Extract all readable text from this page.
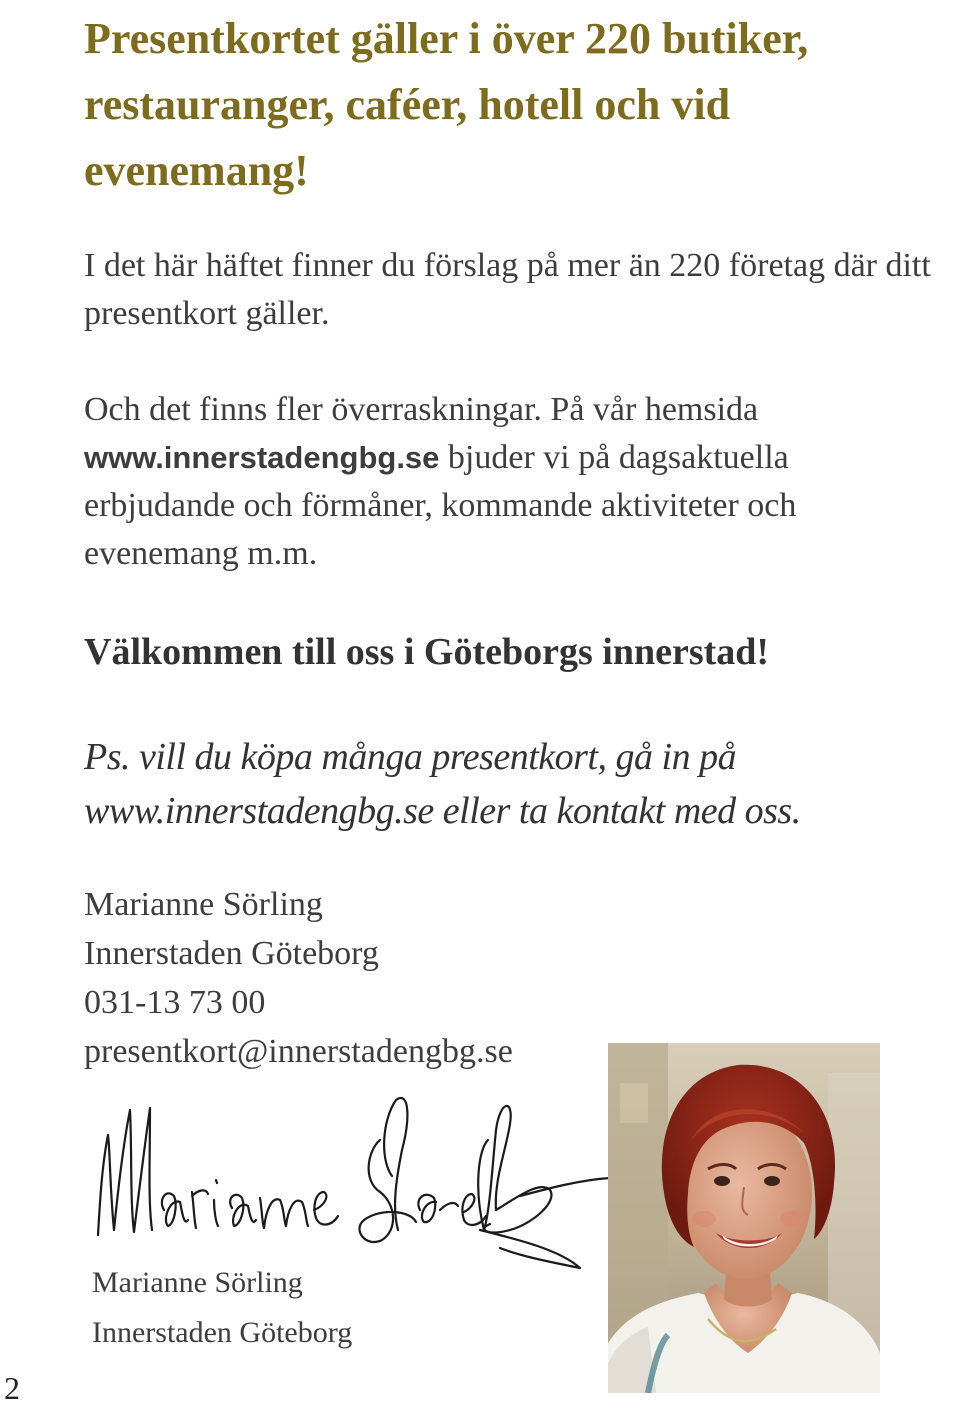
Presentkortet gäller i över 220 butiker, restauranger, caféer, hotell och vid evenemang!

I det här häftet finner du förslag på mer än 220 företag där ditt presentkort gäller.

Och det finns fler överraskningar. På vår hemsida www.innerstadengbg.se bjuder vi på dagsaktuella erbjudande och förmåner, kommande aktiviteter och evenemang m.m.

Välkommen till oss i Göteborgs innerstad!

Ps. vill du köpa många presentkort, gå in på www.innerstadengbg.se eller ta kontakt med oss.

Marianne Sörling
Innerstaden Göteborg
031-13 73 00
presentkort@innerstadengbg.se
Marianne Sörling
Innerstaden Göteborg
2
